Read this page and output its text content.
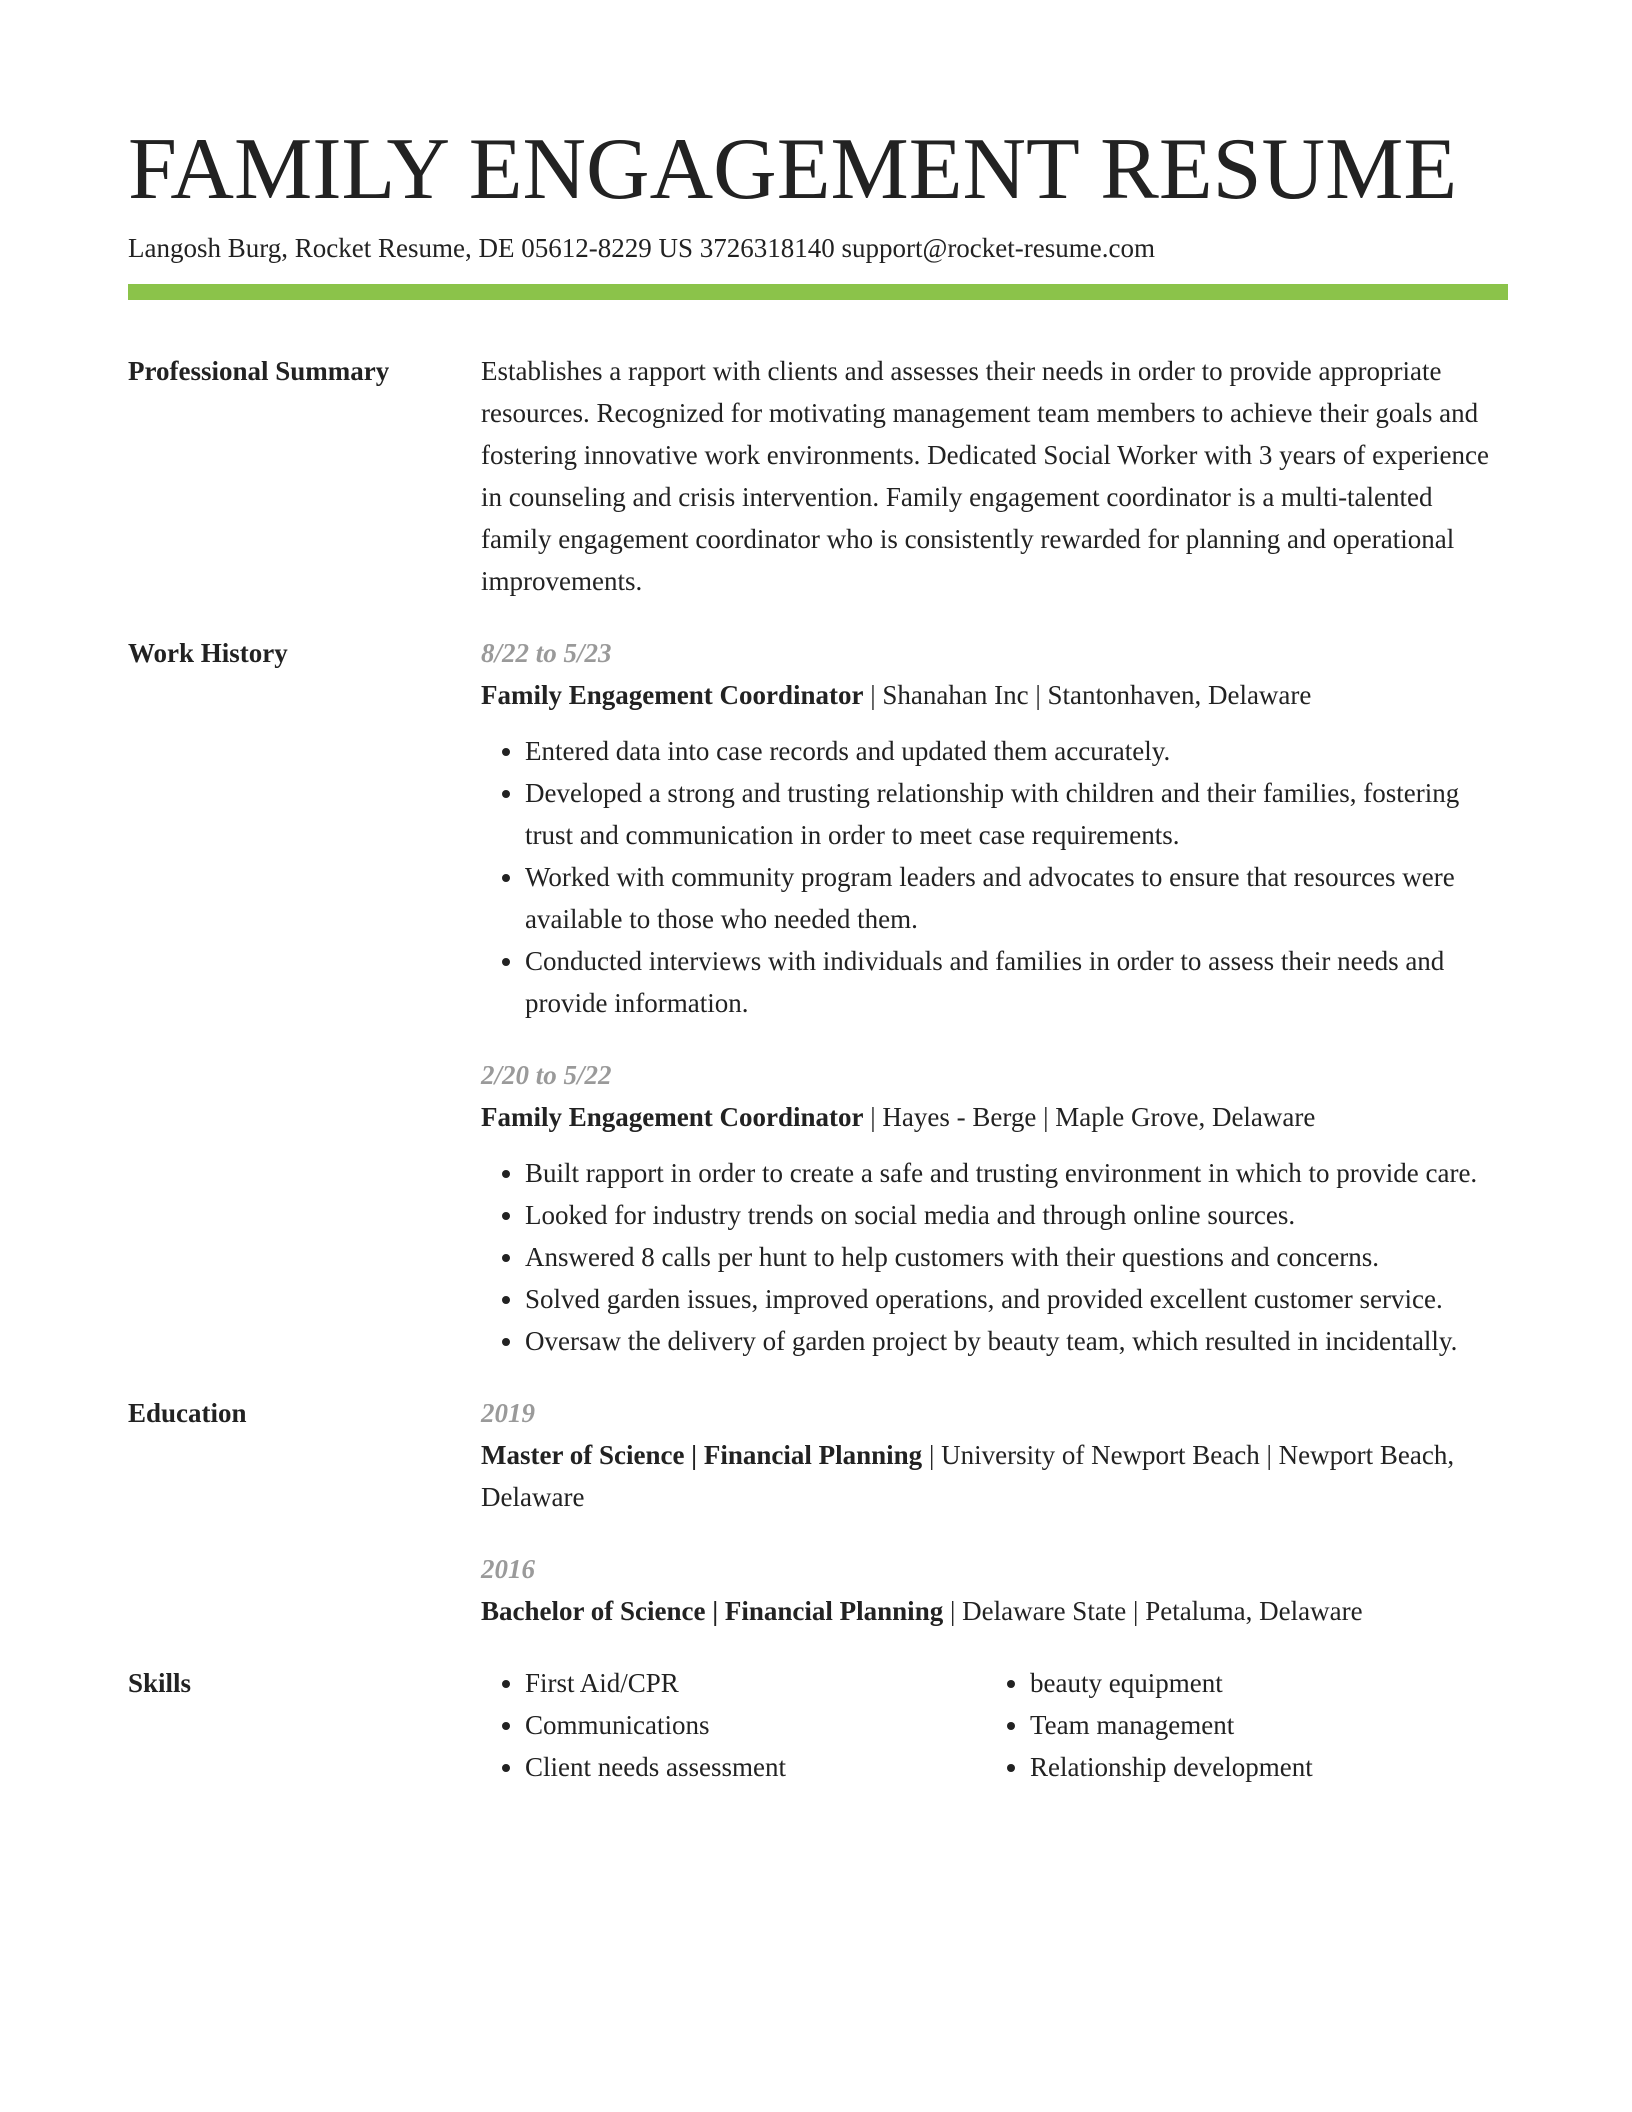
FAMILY ENGAGEMENT RESUME
Langosh Burg, Rocket Resume, DE 05612-8229 US 3726318140 support@rocket-resume.com
Professional Summary	Establishes a rapport with clients and assesses their needs in order to provide appropriate resources. Recognized for motivating management team members to achieve their goals and fostering innovative work environments. Dedicated Social Worker with 3 years of experience in counseling and crisis intervention. Family engagement coordinator is a multi-talented family engagement coordinator who is consistently rewarded for planning and operational improvements.
Work History	8/22 to 5/23
Family Engagement Coordinator | Shanahan Inc | Stantonhaven, Delaware
• Entered data into case records and updated them accurately.
• Developed a strong and trusting relationship with children and their families, fostering trust and communication in order to meet case requirements.
• Worked with community program leaders and advocates to ensure that resources were available to those who needed them.
• Conducted interviews with individuals and families in order to assess their needs and provide information.
2/20 to 5/22
Family Engagement Coordinator | Hayes - Berge | Maple Grove, Delaware
• Built rapport in order to create a safe and trusting environment in which to provide care.
• Looked for industry trends on social media and through online sources.
• Answered 8 calls per hunt to help customers with their questions and concerns.
• Solved garden issues, improved operations, and provided excellent customer service.
• Oversaw the delivery of garden project by beauty team, which resulted in incidentally.
Education	2019
Master of Science | Financial Planning | University of Newport Beach | Newport Beach, Delaware
2016
Bachelor of Science | Financial Planning | Delaware State | Petaluma, Delaware
Skills
•	First Aid/CPR
• Communications
• Client needs assessment
• beauty equipment
• Team management
• Relationship development
